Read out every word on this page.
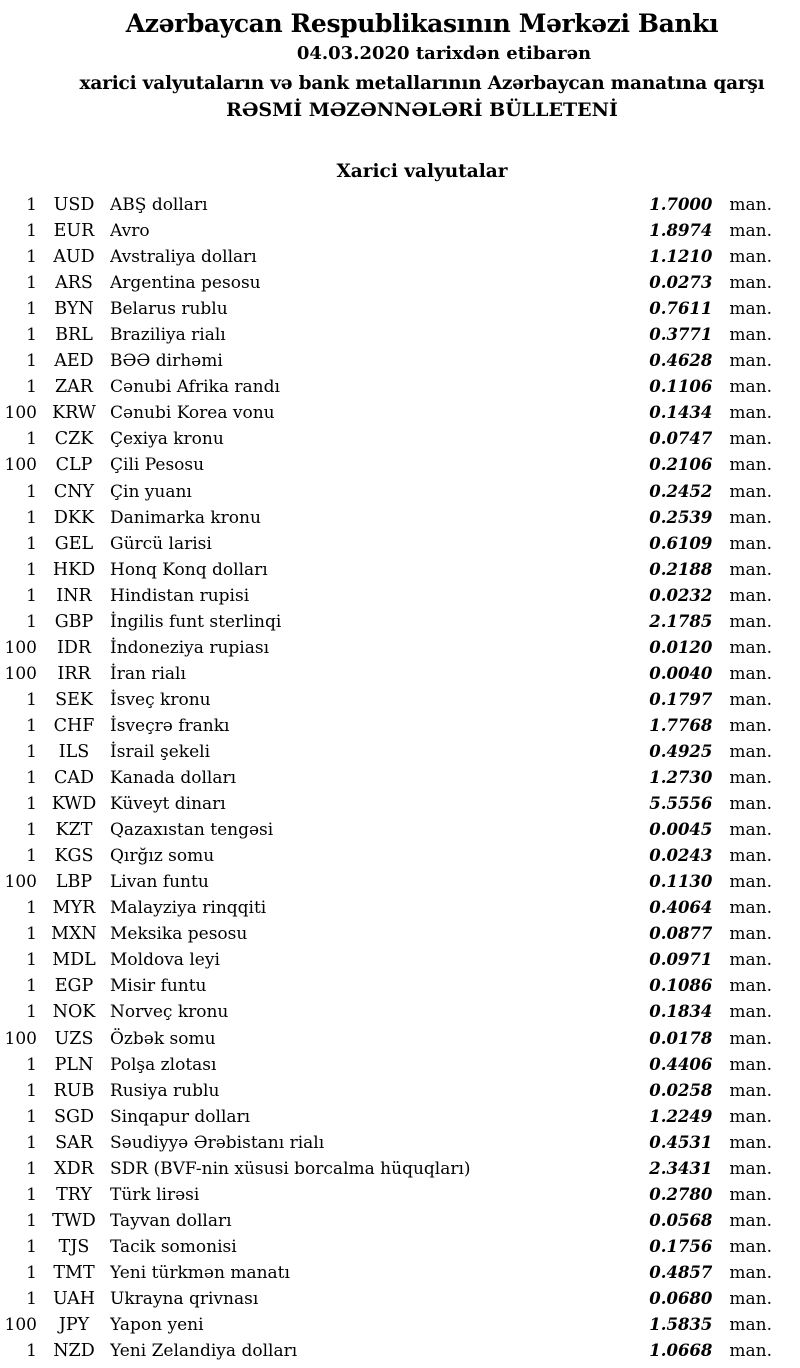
Azərbaycan Respublikasının Mərkəzi Bankı
04.03.2020 tarixdən etibarən
xarici valyutaların və bank metallarının Azərbaycan manatına qarşı
RƏSMİ MƏZƏNNƏLƏRİ BÜLLETENİ
Xarici valyutalar
1 USD ABŞ dolları	1.7000 man.
1 EUR Avro	1.8974 man.
1 AUD Avstraliya dolları	1.1210 man.
1	ARS	Argentina pesosu	0.0273 man.
1 BYN Belarus rublu	0.7611 man.
1	BRL	Braziliya rialı	0.3771 man.
1 AED BƏƏ dirhəmi	0.4628 man.
1	ZAR	Cənubi Afrika randı	0.1106 man.
100 KRW Cənubi Korea vonu	0.1434 man.
1	CZK Çexiya kronu	0.0747 man.
100	CLP	Çili Pesosu	0.2106 man.
1 CNY Çin yuanı	0.2452 man.
1 DKK Danimarka kronu	0.2539 man.
1	GEL Gürcü larisi	0.6109 man.
1 HKD Honq Konq dolları	0.2188 man.
1	INR	Hindistan rupisi	0.0232 man.
1	GBP İngilis funt sterlinqi	2.1785 man.
100	IDR	İndoneziya rupiası	0.0120 man.
100	IRR	İran rialı	0.0040 man.
1	SEK	İsveç kronu	0.1797 man.
1 CHF İsveçrə frankı	1.7768 man.
1	ILS	İsrail şekeli	0.4925 man.
1 CAD Kanada dolları	1.2730 man.
1 KWD Küveyt dinarı	5.5556 man.
1	KZT	Qazaxıstan tengəsi	0.0045 man.
1 KGS Qırğız somu	0.0243 man.
100	LBP	Livan funtu	0.1130 man.
1 MYR Malayziya rinqqiti	0.4064 man.
1 MXN Meksika pesosu	0.0877 man.
1 MDL Moldova leyi	0.0971 man.
1	EGP Misir funtu	0.1086 man.
1 NOK Norveç kronu	0.1834 man.
100	UZS Özbək somu	0.0178 man.
1	PLN Polşa zlotası	0.4406 man.
1 RUB Rusiya rublu	0.0258 man.
1 SGD Sinqapur dolları	1.2249 man.
1	SAR	Səudiyyə Ərəbistanı rialı	0.4531 man.
1 XDR SDR (BVF-nin xüsusi borcalma hüquqları)	2.3431 man.
1	TRY	Türk lirəsi	0.2780 man.
1 TWD Tayvan dolları	0.0568 man.
1	TJS	Tacik somonisi	0.1756 man.
1 TMT Yeni türkmən manatı	0.4857 man.
1 UAH Ukrayna qrivnası	0.0680 man.
100	JPY	Yapon yeni	1.5835 man.
1 NZD Yeni Zelandiya dolları	1.0668 man.
